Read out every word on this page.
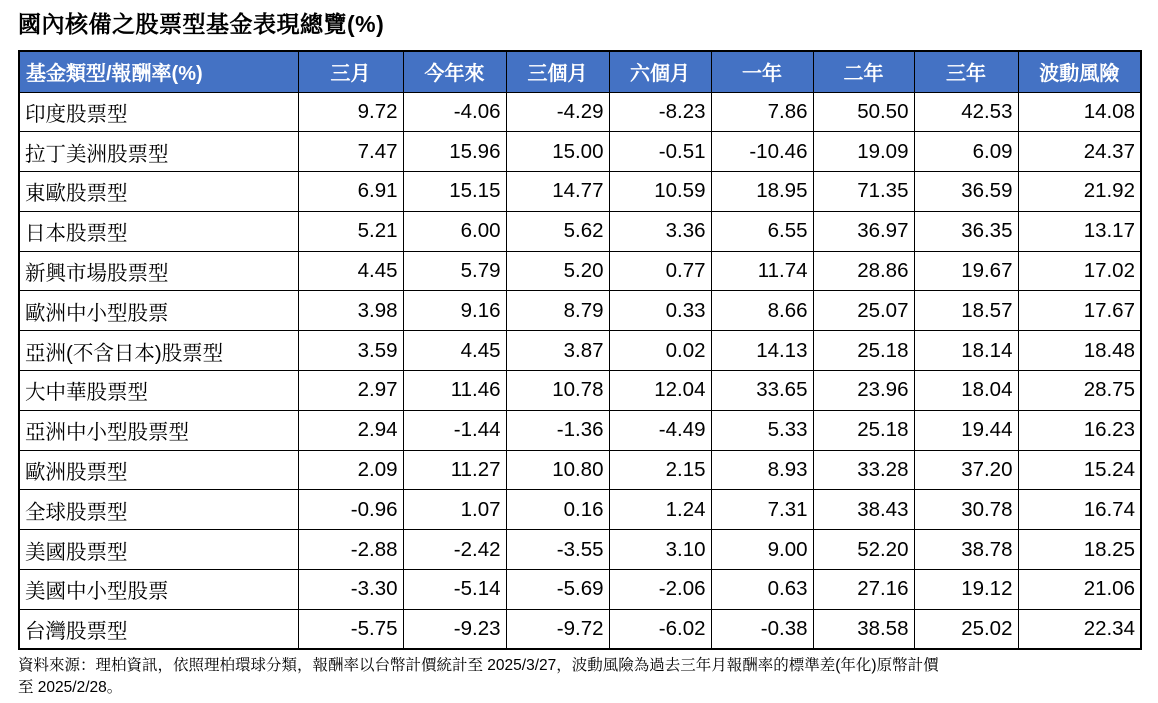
國內核備之股票型基金表現總覽(%)
基金類型/報酬率(%)	三月	今年來	三個月	六個月	一年	二年	三年	波動風險
印度股票型	9.72	-4.06	-4.29	-8.23	7.86	50.50	42.53	14.08
拉丁美洲股票型	7.47	15.96	15.00	-0.51	-10.46	19.09	6.09	24.37
東歐股票型	6.91	15.15	14.77	10.59	18.95	71.35	36.59	21.92
日本股票型	5.21	6.00	5.62	3.36	6.55	36.97	36.35	13.17
新興市場股票型	4.45	5.79	5.20	0.77	11.74	28.86	19.67	17.02
歐洲中小型股票	3.98	9.16	8.79	0.33	8.66	25.07	18.57	17.67
亞洲(不含日本)股票型	3.59	4.45	3.87	0.02	14.13	25.18	18.14	18.48
大中華股票型	2.97	11.46	10.78	12.04	33.65	23.96	18.04	28.75
亞洲中小型股票型	2.94	-1.44	-1.36	-4.49	5.33	25.18	19.44	16.23
歐洲股票型	2.09	11.27	10.80	2.15	8.93	33.28	37.20	15.24
全球股票型	-0.96	1.07	0.16	1.24	7.31	38.43	30.78	16.74
美國股票型	-2.88	-2.42	-3.55	3.10	9.00	52.20	38.78	18.25
美國中小型股票	-3.30	-5.14	-5.69	-2.06	0.63	27.16	19.12	21.06
台灣股票型	-5.75	-9.23	-9.72	-6.02	-0.38	38.58	25.02	22.34
資料來源：理柏資訊，依照理柏環球分類，報酬率以台幣計價統計至 2025/3/27，波動風險為過去三年月報酬率的標準差(年化)原幣計價
至 2025/2/28。
